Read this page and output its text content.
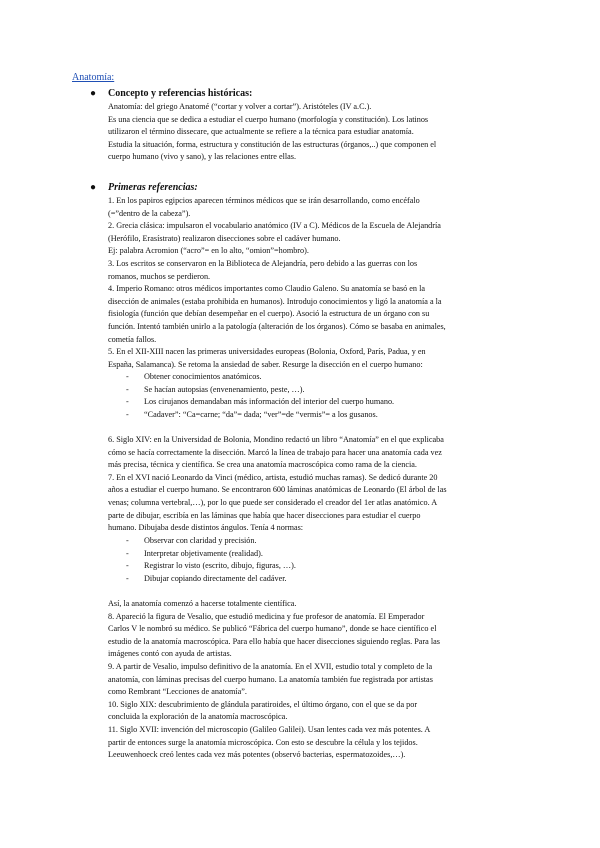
Anatomía:
●	Concepto y referencias históricas:
Anatomía: del griego Anatomé (“cortar y volver a cortar”). Aristóteles (IV a.C.).
Es una ciencia que se dedica a estudiar el cuerpo humano (morfología y constitución). Los latinos
utilizaron el término dissecare, que actualmente se refiere a la técnica para estudiar anatomía.
Estudia la situación, forma, estructura y constitución de las estructuras (órganos,..) que componen el
cuerpo humano (vivo y sano), y las relaciones entre ellas.
●	Primeras referencias:
1. En los papiros egipcios aparecen términos médicos que se irán desarrollando, como encéfalo
(=”dentro de la cabeza”).
2. Grecia clásica: impulsaron el vocabulario anatómico (IV a C). Médicos de la Escuela de Alejandría
(Herófilo, Erasístrato) realizaron disecciones sobre el cadáver humano.
Ej: palabra Acromion (“acro”= en lo alto, “omion”=hombro).
3. Los escritos se conservaron en la Biblioteca de Alejandría, pero debido a las guerras con los
romanos, muchos se perdieron.
4. Imperio Romano: otros médicos importantes como Claudio Galeno. Su anatomía se basó en la
disección de animales (estaba prohibida en humanos). Introdujo conocimientos y ligó la anatomía a la
fisiología (función que debían desempeñar en el cuerpo). Asoció la estructura de un órgano con su
función. Intentó también unirlo a la patología (alteración de los órganos). Cómo se basaba en animales,
cometía fallos.
5. En el XII-XIII nacen las primeras universidades europeas (Bolonia, Oxford, París, Padua, y en
España, Salamanca). Se retoma la ansiedad de saber. Resurge la disección en el cuerpo humano:
- Obtener conocimientos anatómicos.
- Se hacían autopsias (envenenamiento, peste, …).
- Los cirujanos demandaban más información del interior del cuerpo humano.
- “Cadaver”: “Ca=carne; “da”= dada; “ver”=de “vermis”= a los gusanos.
6. Siglo XIV: en la Universidad de Bolonia, Mondino redactó un libro “Anatomía” en el que explicaba
cómo se hacía correctamente la disección. Marcó la línea de trabajo para hacer una anatomía cada vez
más precisa, técnica y científica. Se crea una anatomía macroscópica como rama de la ciencia.
7. En el XVI nació Leonardo da Vinci (médico, artista, estudió muchas ramas). Se dedicó durante 20
años a estudiar el cuerpo humano. Se encontraron 600 láminas anatómicas de Leonardo (El árbol de las
venas; columna vertebral,…), por lo que puede ser considerado el creador del 1er atlas anatómico. A
parte de dibujar, escribía en las láminas que había que hacer disecciones para estudiar el cuerpo
humano. Dibujaba desde distintos ángulos. Tenía 4 normas:
- Observar con claridad y precisión.
- Interpretar objetivamente (realidad).
- Registrar lo visto (escrito, dibujo, figuras, …).
- Dibujar copiando directamente del cadáver.
Así, la anatomía comenzó a hacerse totalmente científica.
8. Apareció la figura de Vesalio, que estudió medicina y fue profesor de anatomía. El Emperador
Carlos V le nombró su médico. Se publicó “Fábrica del cuerpo humano”, donde se hace científico el
estudio de la anatomía macroscópica. Para ello había que hacer disecciones siguiendo reglas. Para las
imágenes contó con ayuda de artistas.
9. A partir de Vesalio, impulso definitivo de la anatomía. En el XVII, estudio total y completo de la
anatomía, con láminas precisas del cuerpo humano. La anatomía también fue registrada por artistas
como Rembrant “Lecciones de anatomía”.
10. Siglo XIX: descubrimiento de glándula paratiroides, el último órgano, con el que se da por
concluida la exploración de la anatomía macroscópica.
11. Siglo XVII: invención del microscopio (Galileo Galilei). Usan lentes cada vez más potentes. A
partir de entonces surge la anatomía microscópica. Con esto se descubre la célula y los tejidos.
Leeuwenhoeck creó lentes cada vez más potentes (observó bacterias, espermatozoides,…).
